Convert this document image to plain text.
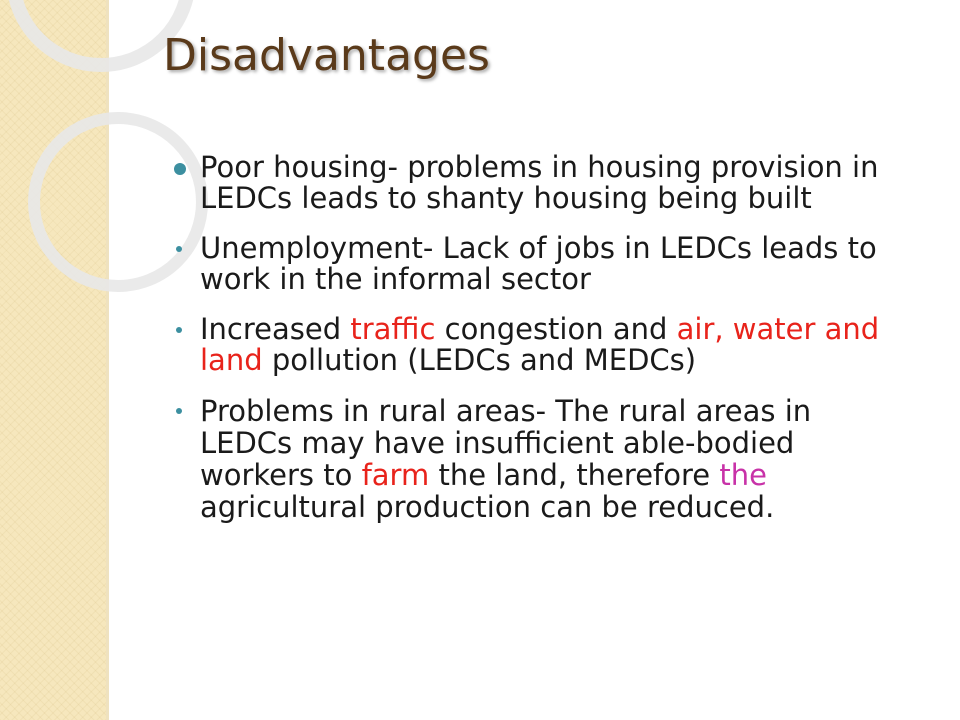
Disadvantages
Poor housing- problems in housing provision in LEDCs leads to shanty housing being built
Unemployment- Lack of jobs in LEDCs leads to work in the informal sector
Increased traffic congestion and air, water and land pollution (LEDCs and MEDCs)
Problems in rural areas- The rural areas in LEDCs may have insufficient able-bodied workers to farm the land, therefore the agricultural production can be reduced.
